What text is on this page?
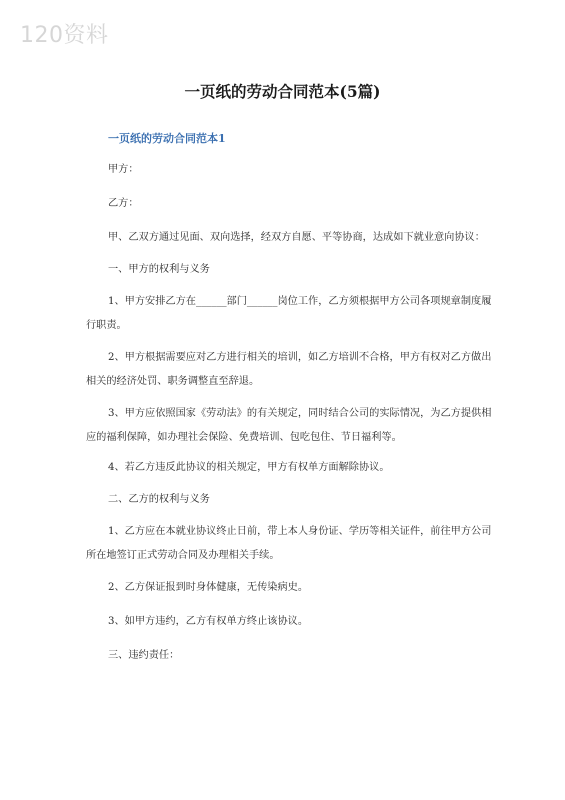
120资料
一页纸的劳动合同范本(5篇)
一页纸的劳动合同范本1

甲方：

乙方：

甲、乙双方通过见面、双向选择，经双方自愿、平等协商，达成如下就业意向协议：

一、甲方的权利与义务

1、甲方安排乙方在______部门______岗位工作，乙方须根据甲方公司各项规章制度履行职责。

2、甲方根据需要应对乙方进行相关的培训，如乙方培训不合格，甲方有权对乙方做出相关的经济处罚、职务调整直至辞退。

3、甲方应依照国家《劳动法》的有关规定，同时结合公司的实际情况，为乙方提供相应的福利保障，如办理社会保险、免费培训、包吃包住、节日福利等。

4、若乙方违反此协议的相关规定，甲方有权单方面解除协议。

二、乙方的权利与义务

1、乙方应在本就业协议终止日前，带上本人身份证、学历等相关证件，前往甲方公司所在地签订正式劳动合同及办理相关手续。

2、乙方保证报到时身体健康，无传染病史。

3、如甲方违约，乙方有权单方终止该协议。

三、违约责任：
